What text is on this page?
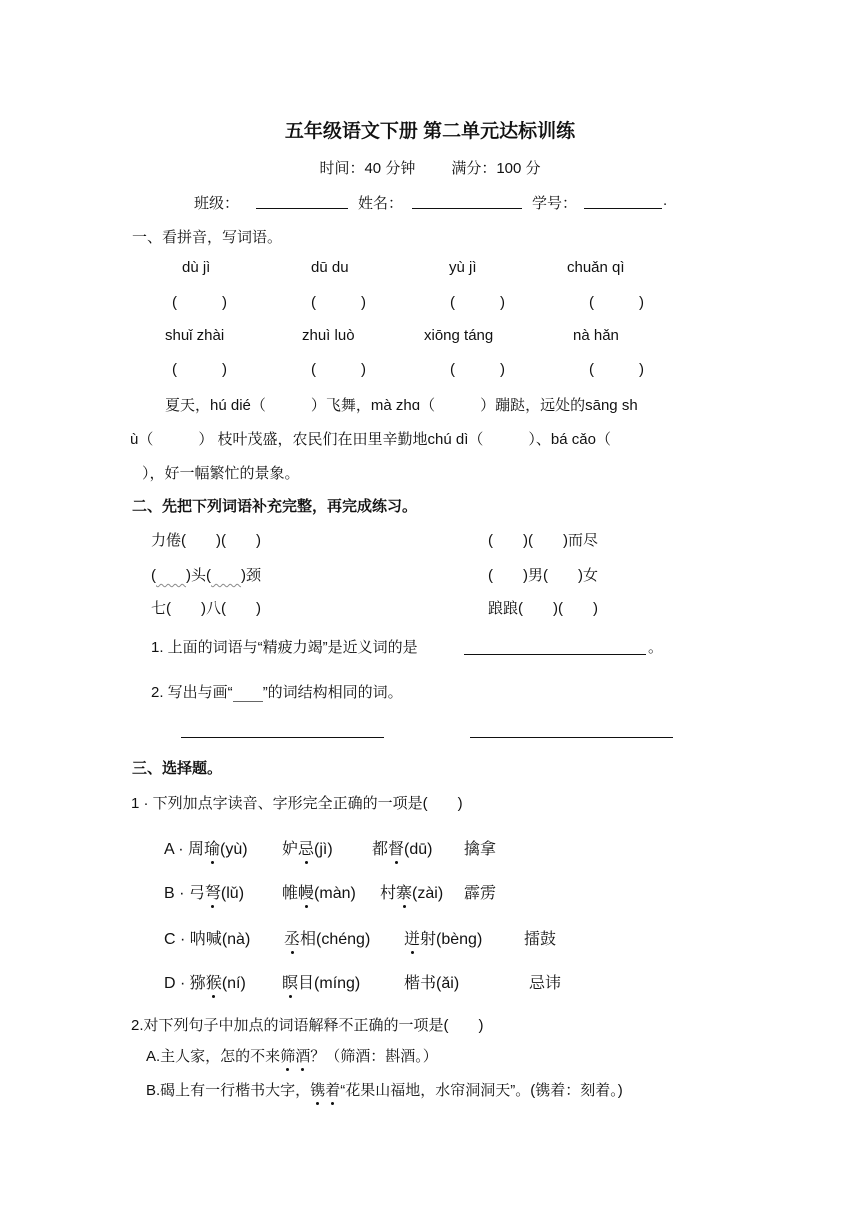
五年级语文下册 第二单元达标训练
时间：40 分钟 满分：100 分
班级：	姓名：	学号：	.
一、看拼音，写词语。
dù jì	dū du	yù jì	chuǎn qì
(　　　)	(　　　)	(　　　)	(　　　)
shuǐ zhài	zhuì luò	xiōng táng	nà hǎn
(　　　)	(　　　)	(　　　)	(　　　)
夏天，hú dié（　　　）飞舞，mà zhɑ（　　　）蹦跶，远处的sāng sh
ù（　　　） 枝叶茂盛，农民们在田里辛勤地chú dì（　　　）、bá cǎo（
），好一幅繁忙的景象。
二、先把下列词语补充完整，再完成练习。
力倦(　　)(　　)	(　　)(　　)而尽
(　　 )头(　　 )颈	(　　)男(　　)女
七(　　)八(　　)	踉踉(　　)(　　)
1. 上面的词语与“精疲力竭”是近义词的是	。
2. 写出与画“ ”的词结构相同的词。
三、选择题。
1 · 下列加点字读音、字形完全正确的一项是(　　)
A · 周瑜(yù) 妒忌(jì) 都督(dū) 擒拿
B · 弓弩(lǔ) 帷幔(màn) 村寨(zài) 霹雳
C · 呐喊(nà) 丞相(chéng) 迸射(bèng)	擂鼓
D · 猕猴(ní) 瞑目(míng)	楷书(ǎi)	忌讳
2.对下列句子中加点的词语解释不正确的一项是(　　)
A.主人家，怎的不来筛酒？（筛酒：斟酒。）
B.碣上有一行楷书大字，镌着“花果山福地，水帘洞洞天”。(镌着：刻着。)
